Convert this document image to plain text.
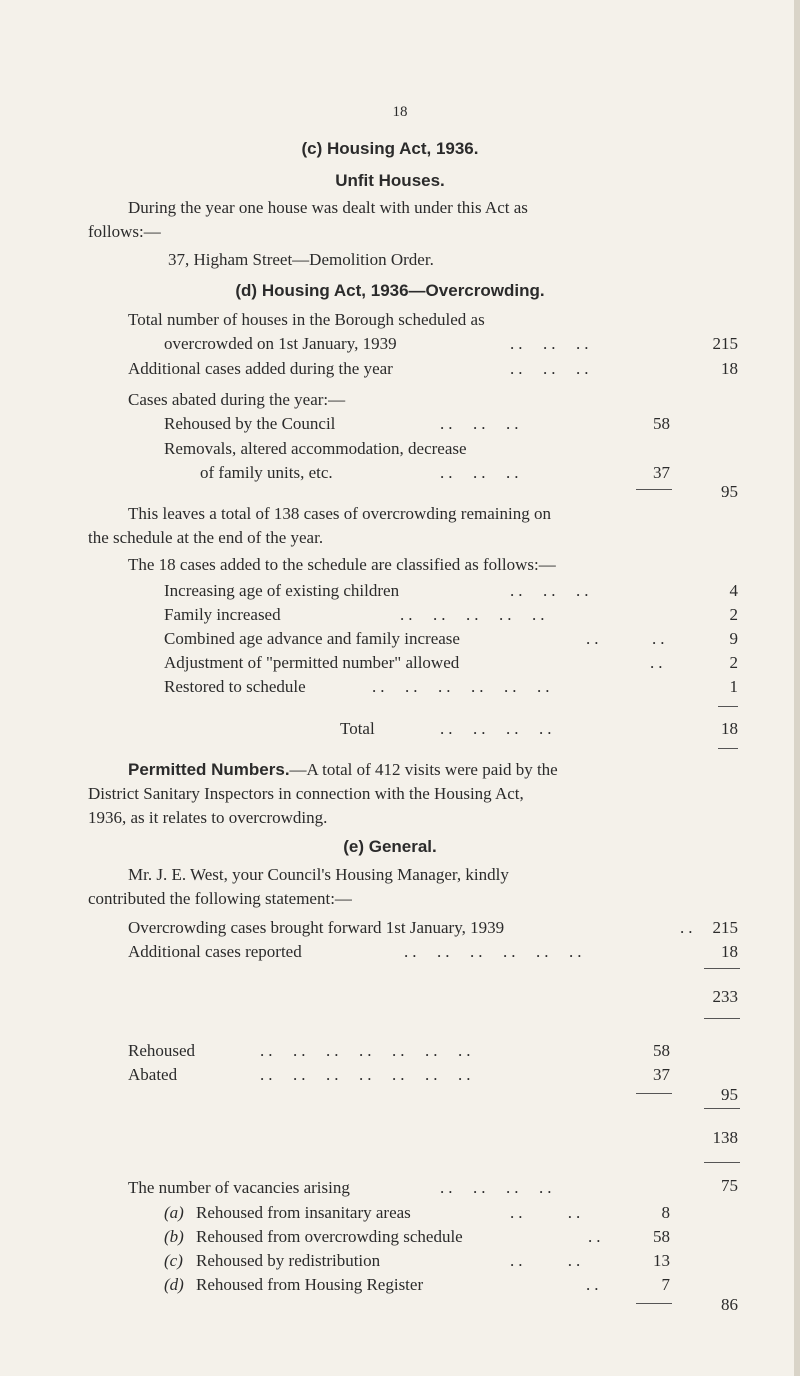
18
(c) Housing Act, 1936.
Unfit Houses.
During the year one house was dealt with under this Act as
follows:—
37, Higham Street—Demolition Order.
(d) Housing Act, 1936—Overcrowding.
Total number of houses in the Borough scheduled as
overcrowded on 1st January, 1939	..  ..  ..	215
Additional cases added during the year	..  ..  ..	18
Cases abated during the year:—
Rehoused by the Council	..  ..  ..	58
Removals, altered accommodation, decrease
of family units, etc.	..  ..  ..	37
95
This leaves a total of 138 cases of overcrowding remaining on
the schedule at the end of the year.
The 18 cases added to the schedule are classified as follows:—
Increasing age of existing children	..  ..  ..	4
Family increased	..  ..  ..  ..  ..	2
Combined age advance and family increase	..      ..	9
Adjustment of "permitted number" allowed	..	2
Restored to schedule	..  ..  ..  ..  ..  ..	1
Total	..  ..  ..  ..	18
Permitted Numbers.—A total of 412 visits were paid by the
District Sanitary Inspectors in connection with the Housing Act,
1936, as it relates to overcrowding.
(e) General.
Mr. J. E. West, your Council's Housing Manager, kindly
contributed the following statement:—
Overcrowding cases brought forward 1st January, 1939	.. 215
Additional cases reported	..  ..  ..  ..  ..  ..	18
233
Rehoused	..  ..  ..  ..  ..  ..  ..	58
Abated	..  ..  ..  ..  ..  ..  ..	37
95
138
The number of vacancies arising	..  ..  ..  ..	75
(a) Rehoused from insanitary areas	..     ..	8
(b) Rehoused from overcrowding schedule	..	58
(c) Rehoused by redistribution	..     ..	13
(d) Rehoused from Housing Register	..	7
86
